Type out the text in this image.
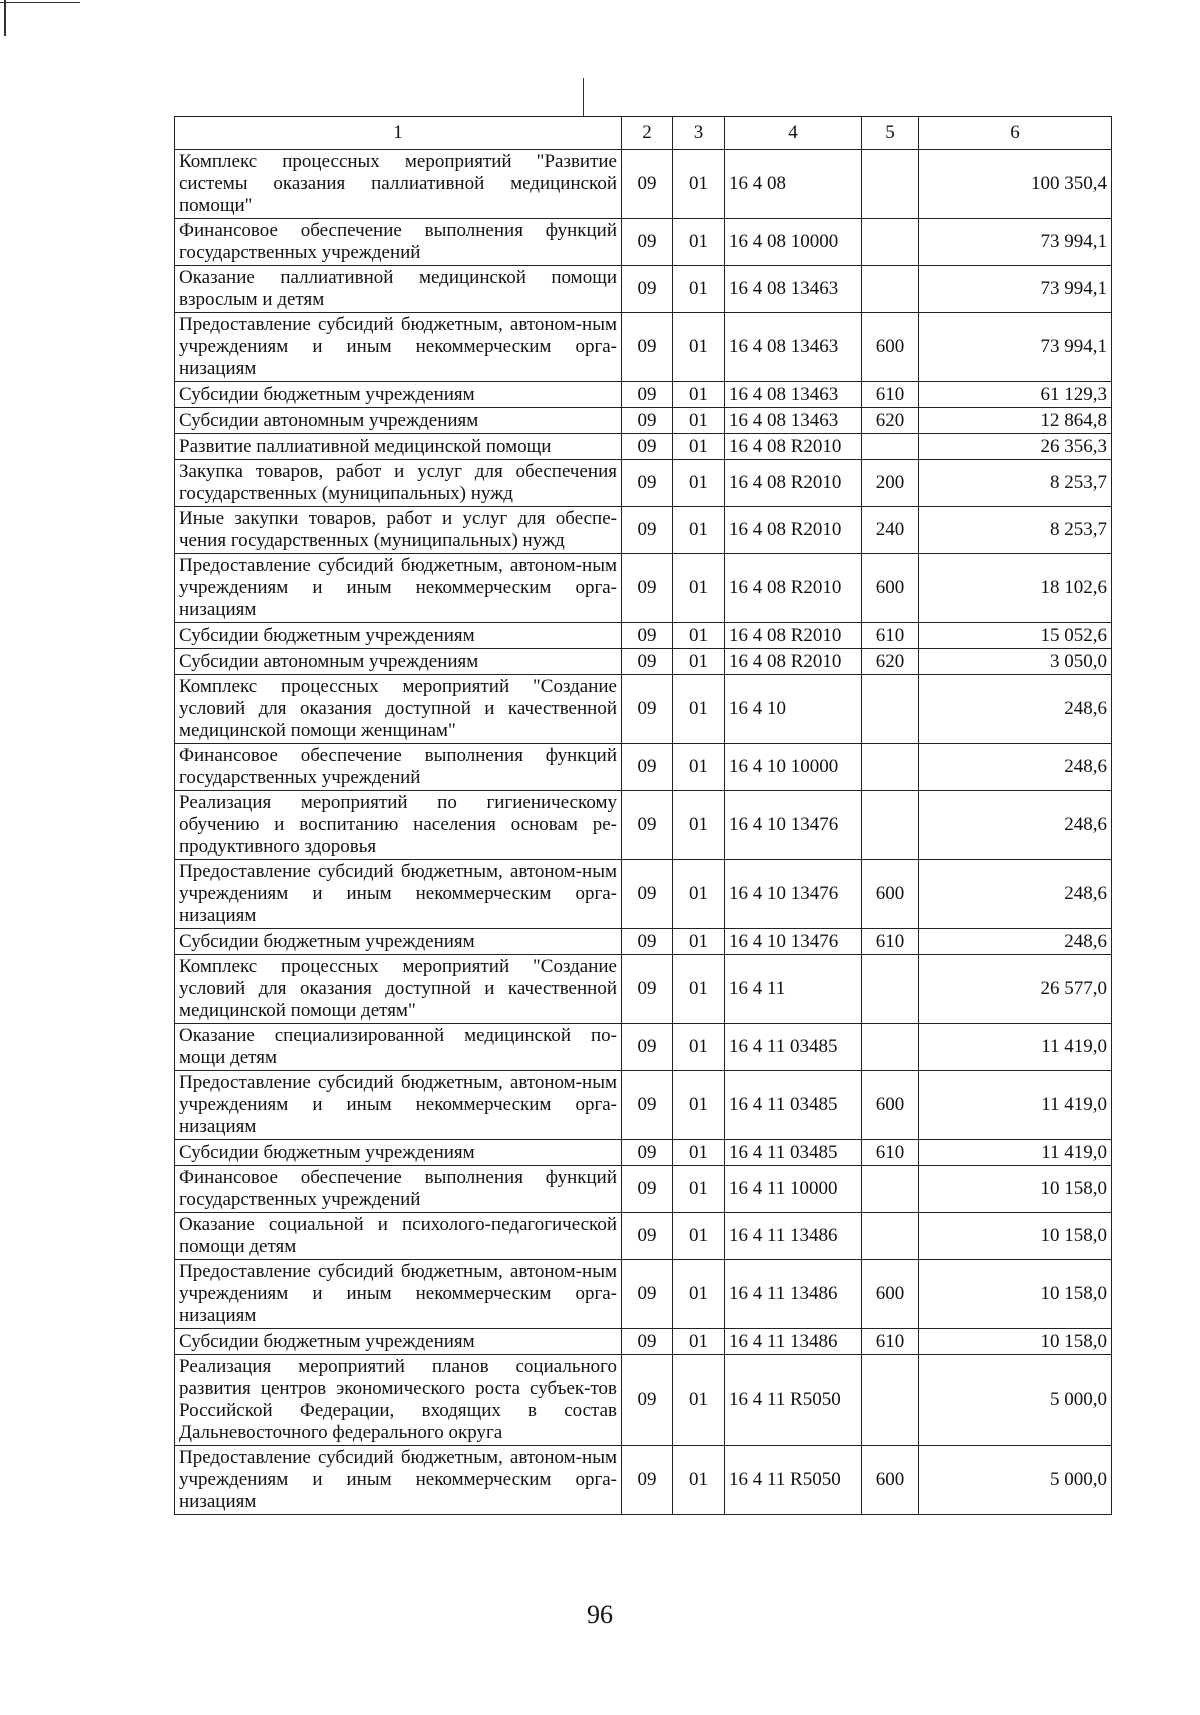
1	2	3	4	5	6
Комплекс процессных мероприятий "Развитие системы оказания паллиативной медицинской помощи"	09	01	16 4 08		100 350,4
Финансовое обеспечение выполнения функций государственных учреждений	09	01	16 4 08 10000		73 994,1
Оказание паллиативной медицинской помощи взрослым и детям	09	01	16 4 08 13463		73 994,1
Предоставление субсидий бюджетным, автоном-ным учреждениям и иным некоммерческим орга-низациям	09	01	16 4 08 13463	600	73 994,1
Субсидии бюджетным учреждениям	09	01	16 4 08 13463	610	61 129,3
Субсидии автономным учреждениям	09	01	16 4 08 13463	620	12 864,8
Развитие паллиативной медицинской помощи	09	01	16 4 08 R2010		26 356,3
Закупка товаров, работ и услуг для обеспечения государственных (муниципальных) нужд	09	01	16 4 08 R2010	200	8 253,7
Иные закупки товаров, работ и услуг для обеспе-чения государственных (муниципальных) нужд	09	01	16 4 08 R2010	240	8 253,7
Предоставление субсидий бюджетным, автоном-ным учреждениям и иным некоммерческим орга-низациям	09	01	16 4 08 R2010	600	18 102,6
Субсидии бюджетным учреждениям	09	01	16 4 08 R2010	610	15 052,6
Субсидии автономным учреждениям	09	01	16 4 08 R2010	620	3 050,0
Комплекс процессных мероприятий "Создание условий для оказания доступной и качественной медицинской помощи женщинам"	09	01	16 4 10		248,6
Финансовое обеспечение выполнения функций государственных учреждений	09	01	16 4 10 10000		248,6
Реализация мероприятий по гигиеническому обучению и воспитанию населения основам ре-продуктивного здоровья	09	01	16 4 10 13476		248,6
Предоставление субсидий бюджетным, автоном-ным учреждениям и иным некоммерческим орга-низациям	09	01	16 4 10 13476	600	248,6
Субсидии бюджетным учреждениям	09	01	16 4 10 13476	610	248,6
Комплекс процессных мероприятий "Создание условий для оказания доступной и качественной медицинской помощи детям"	09	01	16 4 11		26 577,0
Оказание специализированной медицинской по-мощи детям	09	01	16 4 11 03485		11 419,0
Предоставление субсидий бюджетным, автоном-ным учреждениям и иным некоммерческим орга-низациям	09	01	16 4 11 03485	600	11 419,0
Субсидии бюджетным учреждениям	09	01	16 4 11 03485	610	11 419,0
Финансовое обеспечение выполнения функций государственных учреждений	09	01	16 4 11 10000		10 158,0
Оказание социальной и психолого-педагогической помощи детям	09	01	16 4 11 13486		10 158,0
Предоставление субсидий бюджетным, автоном-ным учреждениям и иным некоммерческим орга-низациям	09	01	16 4 11 13486	600	10 158,0
Субсидии бюджетным учреждениям	09	01	16 4 11 13486	610	10 158,0
Реализация мероприятий планов социального развития центров экономического роста субъек-тов Российской Федерации, входящих в состав Дальневосточного федерального округа	09	01	16 4 11 R5050		5 000,0
Предоставление субсидий бюджетным, автоном-ным учреждениям и иным некоммерческим орга-низациям	09	01	16 4 11 R5050	600	5 000,0
96
